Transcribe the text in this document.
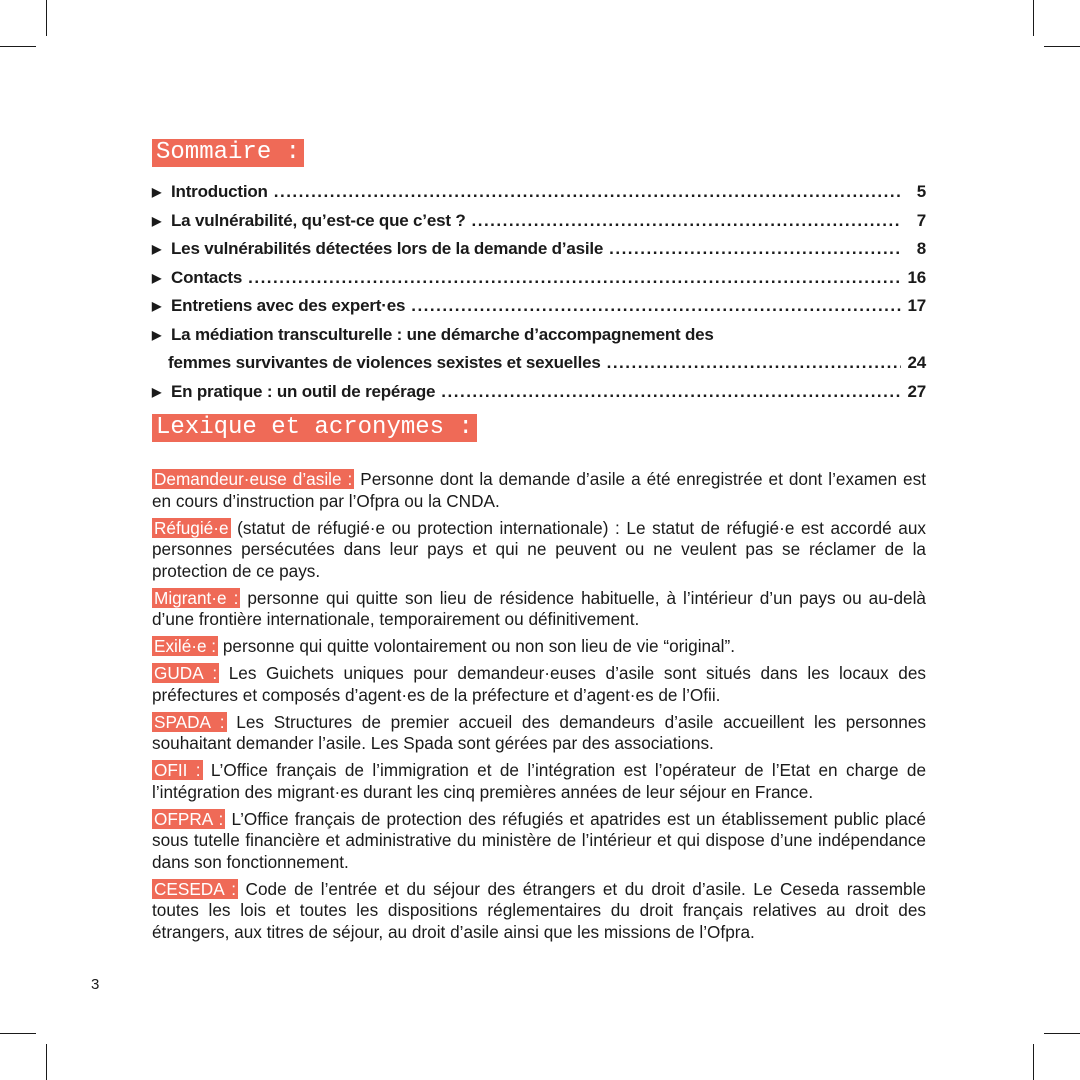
Sommaire :
▶ Introduction .....	5
▶ La vulnérabilité, qu’est-ce que c’est ? .....	7
▶ Les vulnérabilités détectées lors de la demande d’asile .....	8
▶ Contacts .....	16
▶ Entretiens avec des expert·es .....	17
▶ La médiation transculturelle : une démarche d’accompagnement des
femmes survivantes de violences sexistes et sexuelles .....	24
▶ En pratique : un outil de repérage .....	27
Lexique et acronymes :

Demandeur·euse d’asile : Personne dont la demande d’asile a été enregistrée et dont l’examen est en cours d’instruction par l’Ofpra ou la CNDA.

Réfugié·e (statut de réfugié·e ou protection internationale) : Le statut de réfugié·e est accordé aux personnes persécutées dans leur pays et qui ne peuvent ou ne veulent pas se réclamer de la protection de ce pays.

Migrant·e : personne qui quitte son lieu de résidence habituelle, à l’intérieur d’un pays ou au-delà d’une frontière internationale, temporairement ou définitivement.

Exilé·e : personne qui quitte volontairement ou non son lieu de vie “original”.

GUDA : Les Guichets uniques pour demandeur·euses d’asile sont situés dans les locaux des préfectures et composés d’agent·es de la préfecture et d’agent·es de l’Ofii.

SPADA : Les Structures de premier accueil des demandeurs d’asile accueillent les personnes souhaitant demander l’asile. Les Spada sont gérées par des associations.

OFII : L’Office français de l’immigration et de l’intégration est l’opérateur de l’Etat en charge de l’intégration des migrant·es durant les cinq premières années de leur séjour en France.

OFPRA : L’Office français de protection des réfugiés et apatrides est un établissement public placé sous tutelle financière et administrative du ministère de l’intérieur et qui dispose d’une indépendance dans son fonctionnement.

CESEDA : Code de l’entrée et du séjour des étrangers et du droit d’asile. Le Ceseda rassemble toutes les lois et toutes les dispositions réglementaires du droit français relatives au droit des étrangers, aux titres de séjour, au droit d’asile ainsi que les missions de l’Ofpra.

3
